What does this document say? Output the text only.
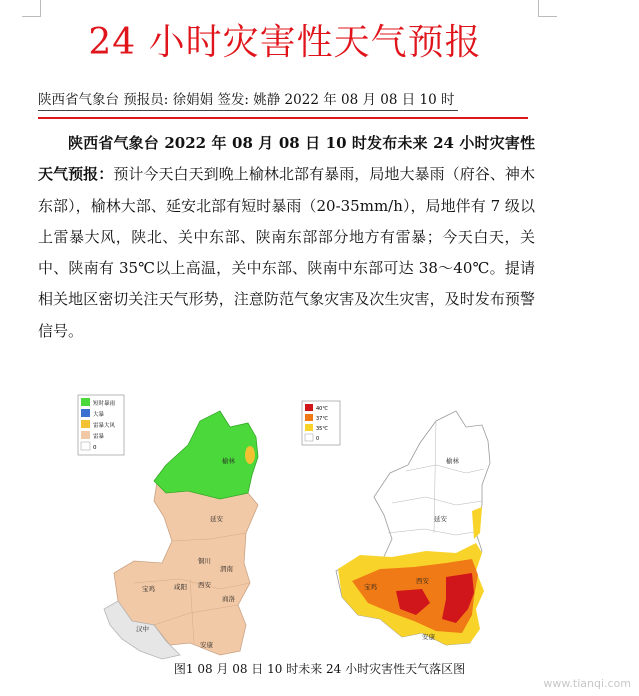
24 小时灾害性天气预报
陕西省气象台 预报员: 徐娟娟 签发: 姚静 2022 年 08 月 08 日 10 时
陕西省气象台 2022 年 08 月 08 日 10 时发布未来 24 小时灾害性天气预报：预计今天白天到晚上榆林北部有暴雨，局地大暴雨（府谷、神木东部），榆林大部、延安北部有短时暴雨（20-35mm/h），局地伴有 7 级以上雷暴大风，陕北、关中东部、陕南东部部分地方有雷暴；今天白天，关中、陕南有 35℃以上高温，关中东部、陕南中东部可达 38～40℃。提请相关地区密切关注天气形势，注意防范气象灾害及次生灾害，及时发布预警信号。
短时暴雨
大暴
雷暴大风
雷暴
0
榆林
延安
铜川
渭南
宝鸡	咸阳 西安
商洛
汉中
安康
40℃
37℃
35℃
0
榆林
延安
宝鸡
西安
安康
图1 08 月 08 日 10 时未来 24 小时灾害性天气落区图
www.tianqi.com
